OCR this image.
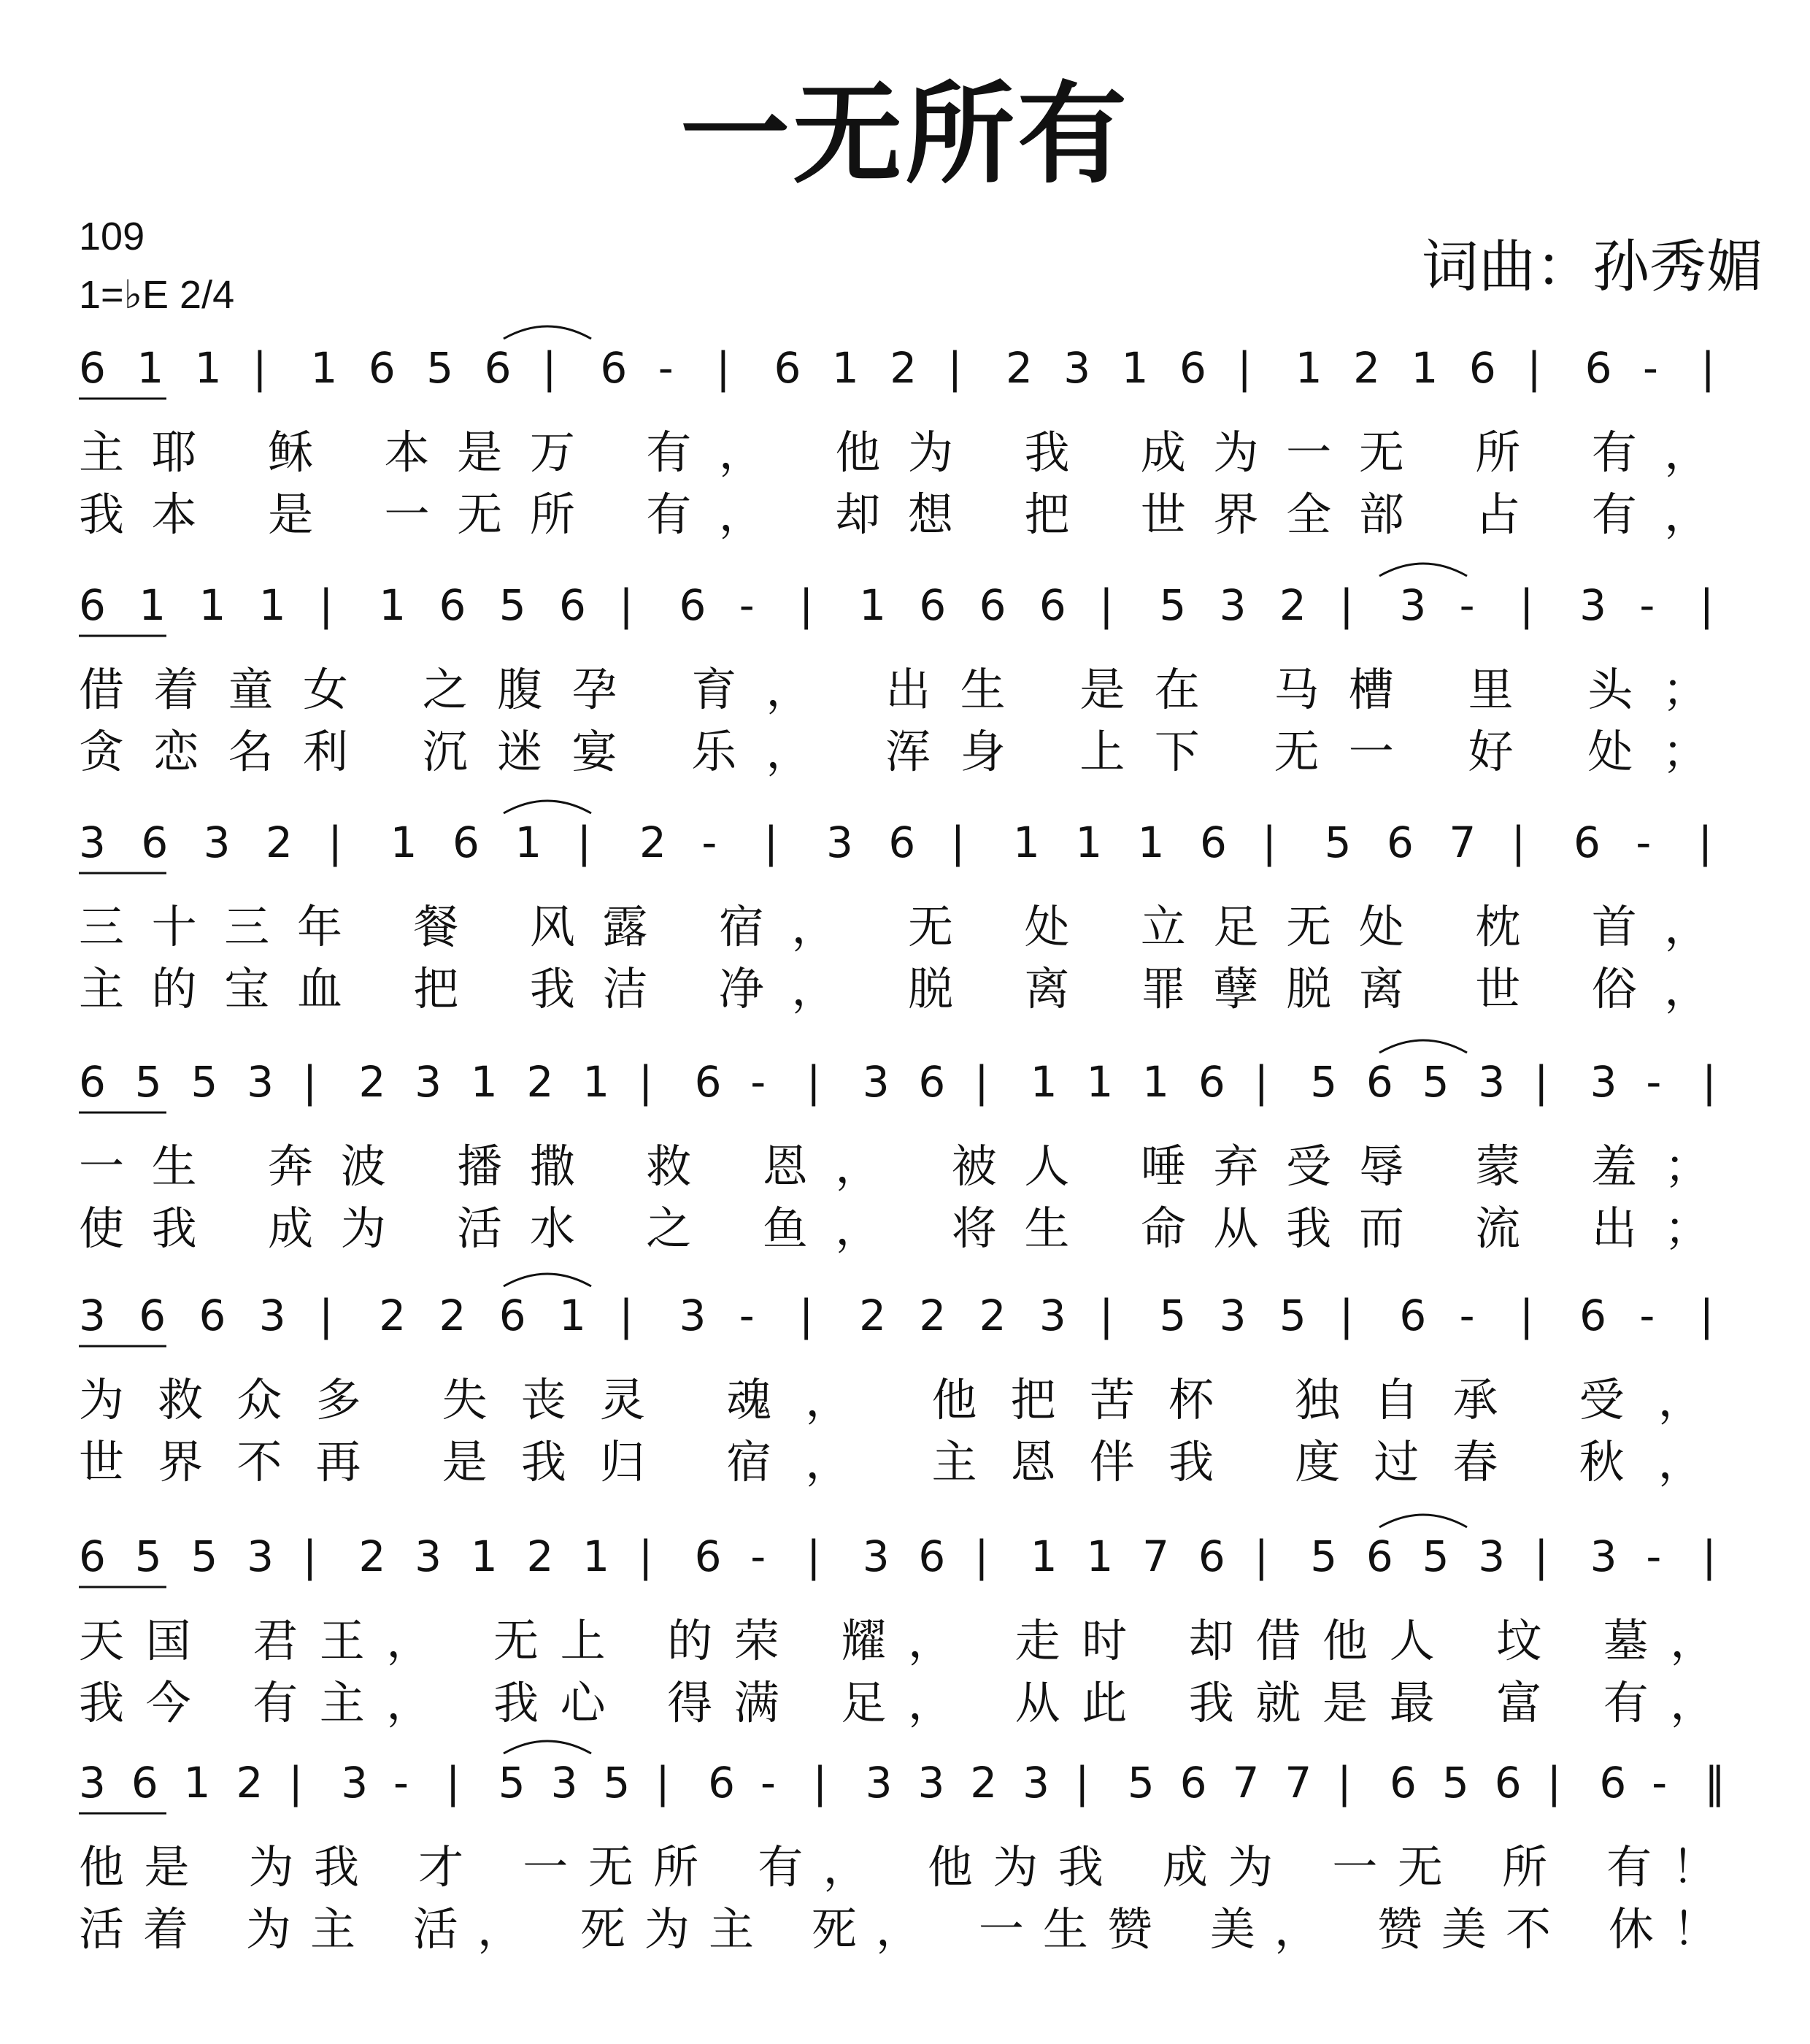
一无所有
109
1=♭E 2/4	词曲：孙秀媚
6 1 1 | 1 6 5 6 | 6 - | 6 1 2 | 2 3 1 6 | 1 2 1 6 | 6 - |
主耶 稣 本是万 有， 他为 我 成为一无 所 有，
我本 是 一无所 有， 却想 把 世界全部 占 有，
6 1 1 1 | 1 6 5 6 | 6 - | 1 6 6 6 | 5 3 2 | 3 - | 3 - |
借着童女 之腹孕 育， 出生 是在 马槽 里 头；
贪恋名利 沉迷宴 乐， 浑身 上下 无一 好 处；
3 6 3 2 | 1 6 1 | 2 - | 3 6 | 1 1 1 6 | 5 6 7 | 6 - |
三十三年 餐 风露 宿， 无 处 立足无处 枕 首，
主的宝血 把 我洁 净， 脱 离 罪孽脱离 世 俗，
6 5 5 3 | 2 3 1 2 1 | 6 - | 3 6 | 1 1 1 6 | 5 6 5 3 | 3 - |
一生 奔波 播撒 救 恩， 被人 唾弃受辱 蒙 羞；
使我 成为 活水 之 鱼， 将生 命从我而 流 出；
3 6 6 3 | 2 2 6 1 | 3 - | 2 2 2 3 | 5 3 5 | 6 - | 6 - |
为救众多 失丧灵 魂， 他把苦杯 独自承 受，
世界不再 是我归 宿， 主恩伴我 度过春 秋，
6 5 5 3 | 2 3 1 2 1 | 6 - | 3 6 | 1 1 7 6 | 5 6 5 3 | 3 - |
天国 君王， 无上 的荣 耀， 走时 却借他人 坟 墓，
我今 有主， 我心 得满 足， 从此 我就是最 富 有，
3 6 1 2 | 3 - | 5 3 5 | 6 - | 3 3 2 3 | 5 6 7 7 | 6 5 6 | 6 - ‖
他是 为我 才 一无所 有， 他为我 成为 一无 所 有！
活着 为主 活， 死为主 死， 一生赞 美， 赞美不 休！
